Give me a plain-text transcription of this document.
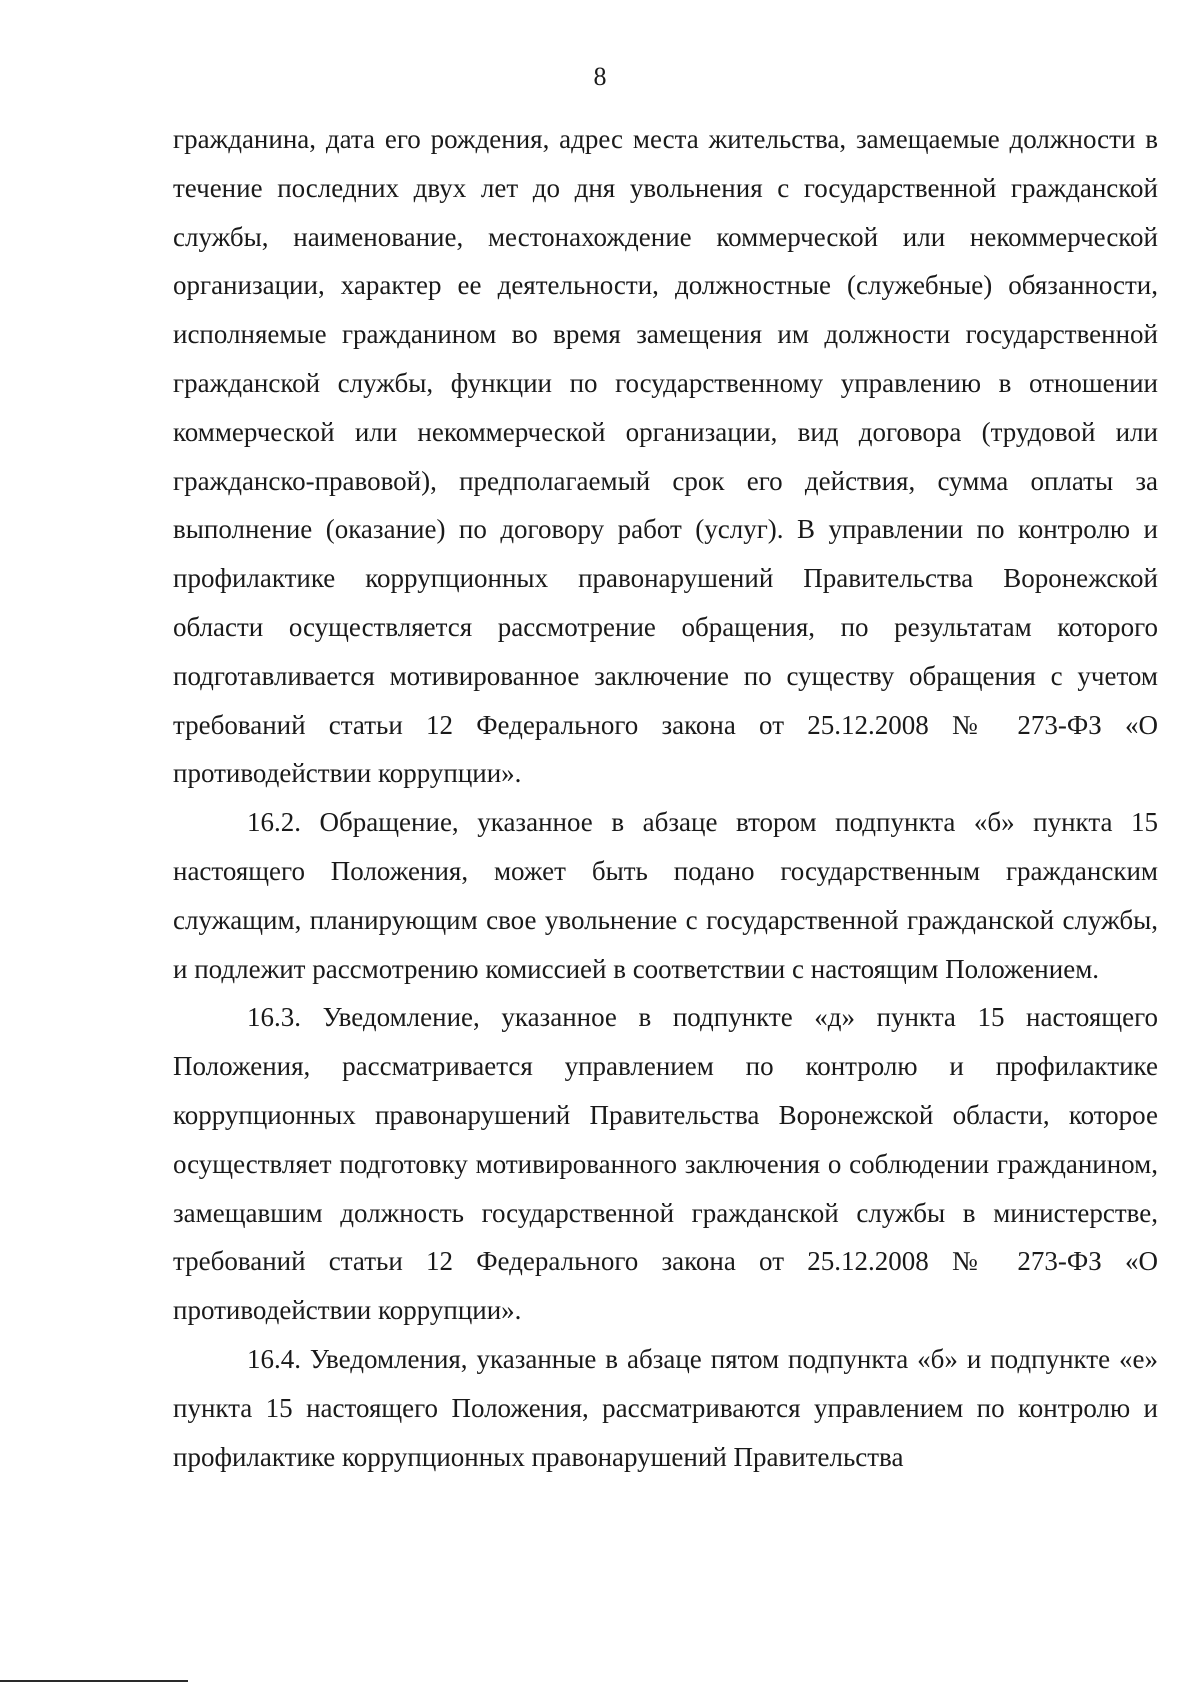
8

гражданина, дата его рождения, адрес места жительства, замещаемые должности в течение последних двух лет до дня увольнения с государственной гражданской службы, наименование, местонахождение коммерческой или некоммерческой организации, характер ее деятельности, должностные (служебные) обязанности, исполняемые гражданином во время замещения им должности государственной гражданской службы, функции по государственному управлению в отношении коммерческой или некоммерческой организации, вид договора (трудовой или гражданско-правовой), предполагаемый срок его действия, сумма оплаты за выполнение (оказание) по договору работ (услуг). В управлении по контролю и профилактике коррупционных правонарушений Правительства Воронежской области осуществляется рассмотрение обращения, по результатам которого подготавливается мотивированное заключение по существу обращения с учетом требований статьи 12 Федерального закона от 25.12.2008 № 273-ФЗ «О противодействии коррупции».

16.2. Обращение, указанное в абзаце втором подпункта «б» пункта 15 настоящего Положения, может быть подано государственным гражданским служащим, планирующим свое увольнение с государственной гражданской службы, и подлежит рассмотрению комиссией в соответствии с настоящим Положением.

16.3. Уведомление, указанное в подпункте «д» пункта 15 настоящего Положения, рассматривается управлением по контролю и профилактике коррупционных правонарушений Правительства Воронежской области, которое осуществляет подготовку мотивированного заключения о соблюдении гражданином, замещавшим должность государственной гражданской службы в министерстве, требований статьи 12 Федерального закона от 25.12.2008 № 273-ФЗ «О противодействии коррупции».

16.4. Уведомления, указанные в абзаце пятом подпункта «б» и подпункте «е» пункта 15 настоящего Положения, рассматриваются управлением по контролю и профилактике коррупционных правонарушений Правительства
